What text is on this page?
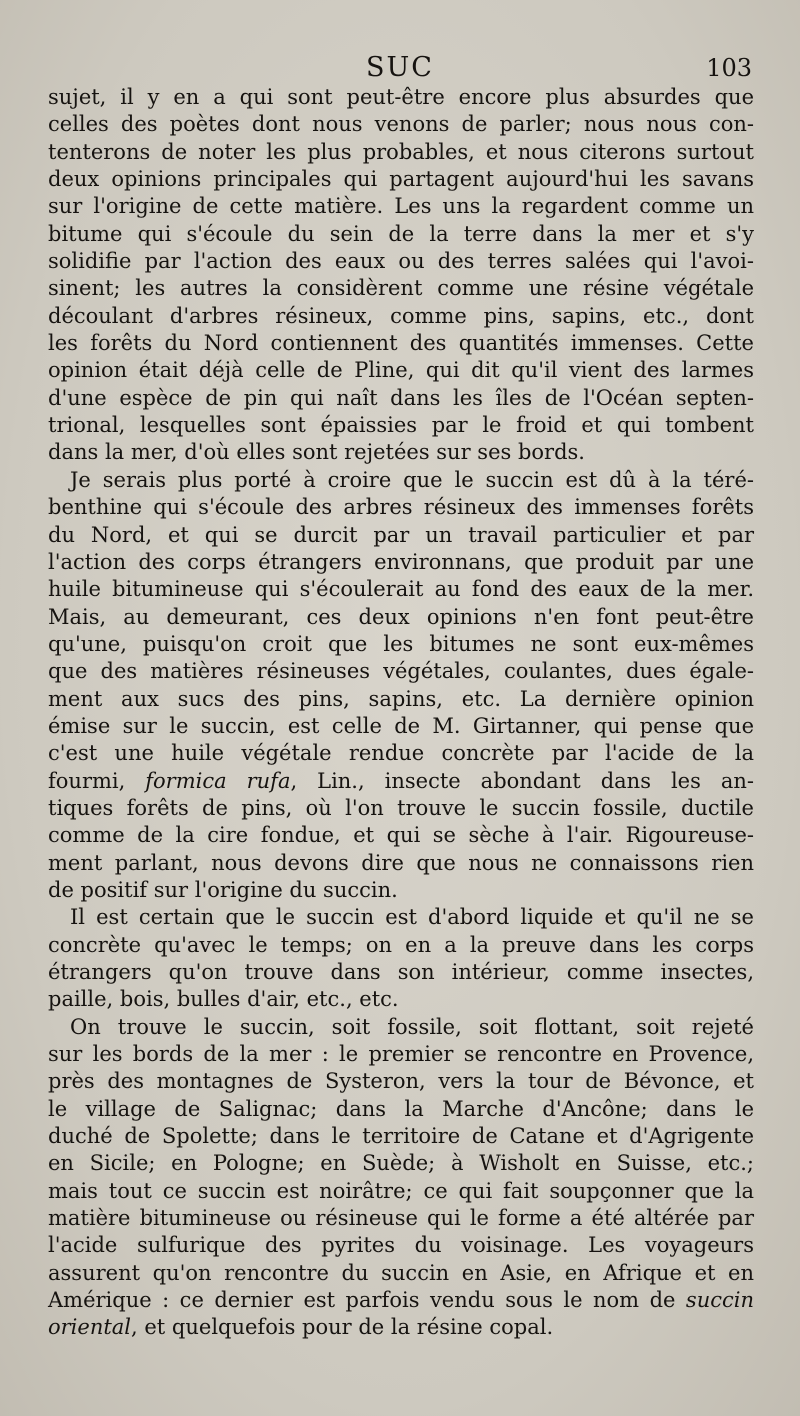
SUC	103
sujet, il y en a qui sont peut-être encore plus absurdes que
celles des poètes dont nous venons de parler; nous nous con-
tenterons de noter les plus probables, et nous citerons surtout
deux opinions principales qui partagent aujourd'hui les savans
sur l'origine de cette matière. Les uns la regardent comme un
bitume qui s'écoule du sein de la terre dans la mer et s'y
solidifie par l'action des eaux ou des terres salées qui l'avoi-
sinent; les autres la considèrent comme une résine végétale
découlant d'arbres résineux, comme pins, sapins, etc., dont
les forêts du Nord contiennent des quantités immenses. Cette
opinion était déjà celle de Pline, qui dit qu'il vient des larmes
d'une espèce de pin qui naît dans les îles de l'Océan septen-
trional, lesquelles sont épaissies par le froid et qui tombent
dans la mer, d'où elles sont rejetées sur ses bords.
Je serais plus porté à croire que le succin est dû à la téré-
benthine qui s'écoule des arbres résineux des immenses forêts
du Nord, et qui se durcit par un travail particulier et par
l'action des corps étrangers environnans, que produit par une
huile bitumineuse qui s'écoulerait au fond des eaux de la mer.
Mais, au demeurant, ces deux opinions n'en font peut-être
qu'une, puisqu'on croit que les bitumes ne sont eux-mêmes
que des matières résineuses végétales, coulantes, dues égale-
ment aux sucs des pins, sapins, etc. La dernière opinion
émise sur le succin, est celle de M. Girtanner, qui pense que
c'est une huile végétale rendue concrète par l'acide de la
fourmi, formica rufa, Lin., insecte abondant dans les an-
tiques forêts de pins, où l'on trouve le succin fossile, ductile
comme de la cire fondue, et qui se sèche à l'air. Rigoureuse-
ment parlant, nous devons dire que nous ne connaissons rien
de positif sur l'origine du succin.
Il est certain que le succin est d'abord liquide et qu'il ne se
concrète qu'avec le temps; on en a la preuve dans les corps
étrangers qu'on trouve dans son intérieur, comme insectes,
paille, bois, bulles d'air, etc., etc.
On trouve le succin, soit fossile, soit flottant, soit rejeté
sur les bords de la mer : le premier se rencontre en Provence,
près des montagnes de Systeron, vers la tour de Bévonce, et
le village de Salignac; dans la Marche d'Ancône; dans le
duché de Spolette; dans le territoire de Catane et d'Agrigente
en Sicile; en Pologne; en Suède; à Wisholt en Suisse, etc.;
mais tout ce succin est noirâtre; ce qui fait soupçonner que la
matière bitumineuse ou résineuse qui le forme a été altérée par
l'acide sulfurique des pyrites du voisinage. Les voyageurs
assurent qu'on rencontre du succin en Asie, en Afrique et en
Amérique : ce dernier est parfois vendu sous le nom de succin
oriental, et quelquefois pour de la résine copal.
